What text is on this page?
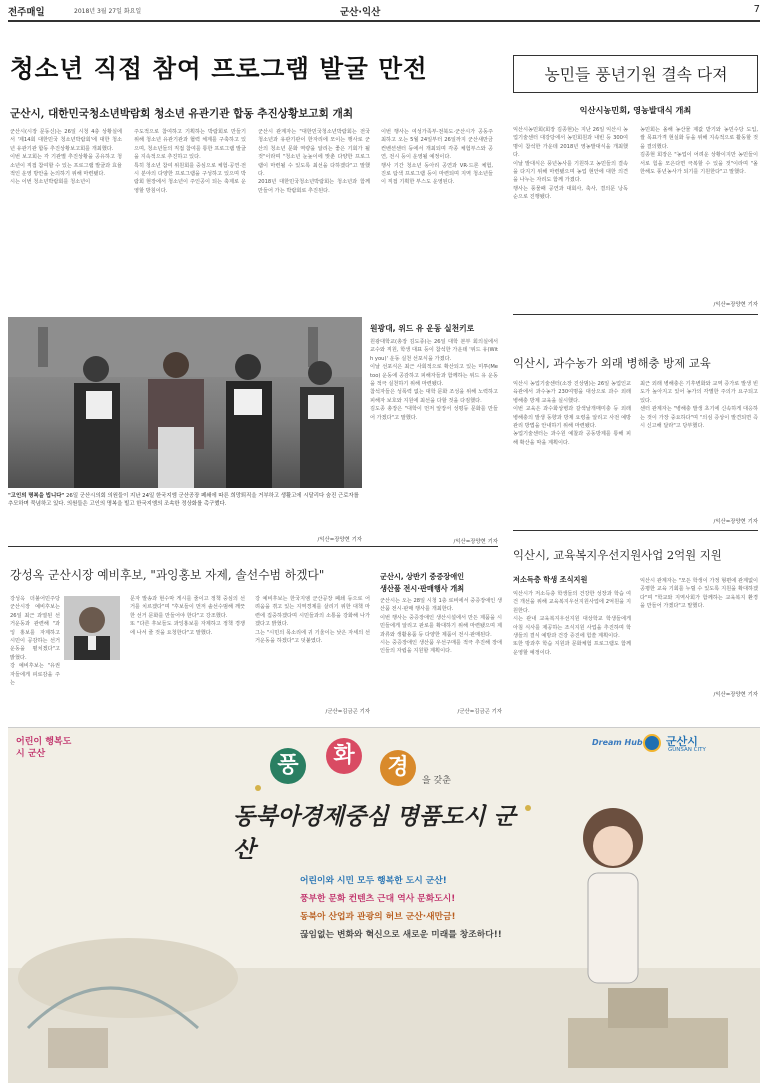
전주매일	2018년 3월 27일 화요일	군산·익산	7
청소년 직접 참여 프로그램 발굴 만전
군산시, 대한민국청소년박람회 청소년 유관기관 합동 추진상황보고회 개최
군산시(시장 문동신)는 26일 시청 4층 상황실에서 '제14회 대한민국 청소년박람회'에 대한 청소년 유관기관 합동 추진상황보고회를 개최했다.
이번 보고회는 각 기관별 추진상황을 공유하고 청소년이 직접 참여할 수 있는 프로그램 발굴과 효율적인 운영 방안을 논의하기 위해 마련됐다.
시는 이번 청소년박람회를 청소년이
주도적으로 참여하고 기획하는 박람회로 만들기 위해 청소년 유관기관과 협력 체계를 구축하고 있으며, 청소년들의 직접 참여를 통한 프로그램 발굴을 지속적으로 추진하고 있다.
특히 청소년 참여 위원회를 중심으로 체험·공연·전시 분야의 다양한 프로그램을 구성하고 있으며 박람회 현장에서 청소년이 주인공이 되는 축제로 운영할 방침이다.
군산시 관계자는 "대한민국청소년박람회는 전국 청소년과 유관기관이 한자리에 모이는 행사로 군산의 청소년 문화 역량을 알리는 좋은 기회가 될 것"이라며 "청소년 눈높이에 맞춘 다양한 프로그램이 마련될 수 있도록 최선을 다하겠다"고 말했다.
2018년 대한민국청소년박람회는 청소년과 함께 만들어 가는 박람회로 추진된다.
이번 행사는 여성가족부·전북도·군산시가 공동주최하고 오는 5월 24일부터 26일까지 군산새만금컨벤션센터 등에서 개최되며 각종 체험부스와 공연, 전시 등이 운영될 예정이다.
행사 기간 청소년 동아리 공연과 VR·드론 체험, 진로 탐색 프로그램 등이 마련되며 지역 청소년들이 직접 기획한 부스도 운영된다.
농민들 풍년기원 결속 다져
익산시농민회, 영농발대식 개최
익산시농민회(회장 김종현)는 지난 26일 익산시 농업기술센터 대강당에서 농민회원과 내빈 등 300여명이 참석한 가운데 2018년 영농발대식을 개최했다.
이날 발대식은 풍년농사를 기원하고 농민들의 결속을 다지기 위해 마련됐으며 농업 현안에 대한 의견을 나누는 자리도 함께 가졌다.
행사는 풍물패 공연과 대회사, 축사, 결의문 낭독 순으로 진행됐다.
농민회는 올해 농산물 제값 받기와 농민수당 도입, 쌀 목표가격 현실화 등을 위해 지속적으로 활동할 것을 결의했다.
김종현 회장은 "농업이 어려운 상황이지만 농민들이 서로 힘을 모은다면 극복할 수 있을 것"이라며 "올 한해도 풍년농사가 되기를 기원한다"고 말했다.
/익산=장양현 기자
"고인의 명복을 빕니다" 26일 군산시의회 의원들이 지난 24일 한국지엠 군산공장 폐쇄에 따른 희망퇴직을 거부하고 생활고에 시달리다 숨진 근로자를 추모하며 묵념하고 있다. 의원들은 고인의 명복을 빌고 한국지엠의 조속한 정상화를 촉구했다.
/익산=장양현 기자
원광대, 위드 유 운동 실천키로
원광대학교(총장 김도종)는 26일 대학 본부 회의실에서 교수와 직원, 학생 대표 등이 참석한 가운데 '위드 유(With you)' 운동 실천 선포식을 가졌다.
이날 선포식은 최근 사회적으로 확산되고 있는 미투(Me too) 운동에 공감하고 피해자들과 함께하는 위드 유 운동을 적극 실천하기 위해 마련됐다.
참석자들은 성폭력 없는 대학 문화 조성을 위해 노력하고 피해자 보호와 지원에 최선을 다할 것을 다짐했다.
김도종 총장은 "대학이 먼저 앞장서 성평등 문화를 만들어 가겠다"고 말했다.
/익산=장양현 기자
익산시, 과수농가 외래 병해충 방제 교육
익산시 농업기술센터(소장 진상범)는 26일 농업인교육관에서 과수농가 230여명을 대상으로 과수 외래 병해충 방제 교육을 실시했다.
이번 교육은 과수화상병과 갈색날개매미충 등 외래 병해충의 발생 동향과 방제 요령을 알리고 사전 예방 관리 방법을 안내하기 위해 마련됐다.
농업기술센터는 과수원 예찰과 공동방제를 통해 피해 확산을 막을 계획이다.
최근 외래 병해충은 기후변화와 교역 증가로 발생 빈도가 높아지고 있어 농가의 각별한 주의가 요구되고 있다.
센터 관계자는 "병해충 발생 초기에 신속하게 대응하는 것이 가장 중요하다"며 "의심 증상이 발견되면 즉시 신고해 달라"고 당부했다.
/익산=장양현 기자
익산시, 교육복지우선지원사업 2억원 지원
저소득층 학생 조식지원
익산시가 저소득층 학생들의 건강한 성장과 학습 여건 개선을 위해 교육복지우선지원사업에 2억원을 지원한다.
시는 관내 교육복지우선지원 대상학교 학생들에게 아침 식사를 제공하는 조식지원 사업을 추진하며 학생들의 결식 예방과 건강 증진에 힘쓸 계획이다.
또한 방과후 학습 지원과 문화체험 프로그램도 함께 운영할 예정이다.
익산시 관계자는 "모든 학생이 가정 형편에 관계없이 공평한 교육 기회를 누릴 수 있도록 지원을 확대하겠다"며 "학교와 지역사회가 함께하는 교육복지 환경을 만들어 가겠다"고 말했다.
/익산=장양현 기자
강성옥 군산시장 예비후보, "과잉홍보 자제, 솔선수범 하겠다"
강성옥 더불어민주당 군산시장 예비후보는 26일 최근 과열된 선거운동과 관련해 "과잉 홍보를 자제하고 시민이 공감하는 선거운동을 펼치겠다"고 밝혔다.
강 예비후보는 "유권자들에게 피로감을 주는
문자 발송과 현수막 게시를 줄이고 정책 중심의 선거를 치르겠다"며 "후보들이 먼저 솔선수범해 깨끗한 선거 문화를 만들어야 한다"고 강조했다.
또 "다른 후보들도 과잉홍보를 자제하고 정책 경쟁에 나서 줄 것을 요청한다"고 말했다.
강 예비후보는 한국지엠 군산공장 폐쇄 등으로 어려움을 겪고 있는 지역경제를 살리기 위한 대책 마련에 집중하겠다며 시민들과의 소통을 강화해 나가겠다고 밝혔다.
그는 "시민의 목소리에 귀 기울이는 낮은 자세의 선거운동을 하겠다"고 덧붙였다.
/군산=김금곤 기자
군산시, 상반기 중증장애인
생산품 전시·판매행사 개최
군산시는 오는 28일 시청 1층 로비에서 중증장애인 생산품 전시·판매 행사를 개최한다.
이번 행사는 중증장애인 생산시설에서 만든 제품을 시민들에게 알리고 판로를 확대하기 위해 마련됐으며 제과류와 생활용품 등 다양한 제품이 전시·판매된다.
시는 중증장애인 생산품 우선구매를 적극 추진해 장애인들의 자립을 지원할 계획이다.
/군산=김금곤 기자
어린이 행복도시 군산
Dream Hub 군산시
GUNSAN CITY
풍	화	경
을 갖춘
동북아경제중심 명품도시 군산
어린이와 시민 모두 행복한 도시 군산!
풍부한 문화 컨텐츠 근대 역사 문화도시!
동북아 산업과 관광의 허브 군산·새만금!
끊임없는 변화와 혁신으로 새로운 미래를 창조하다!!
